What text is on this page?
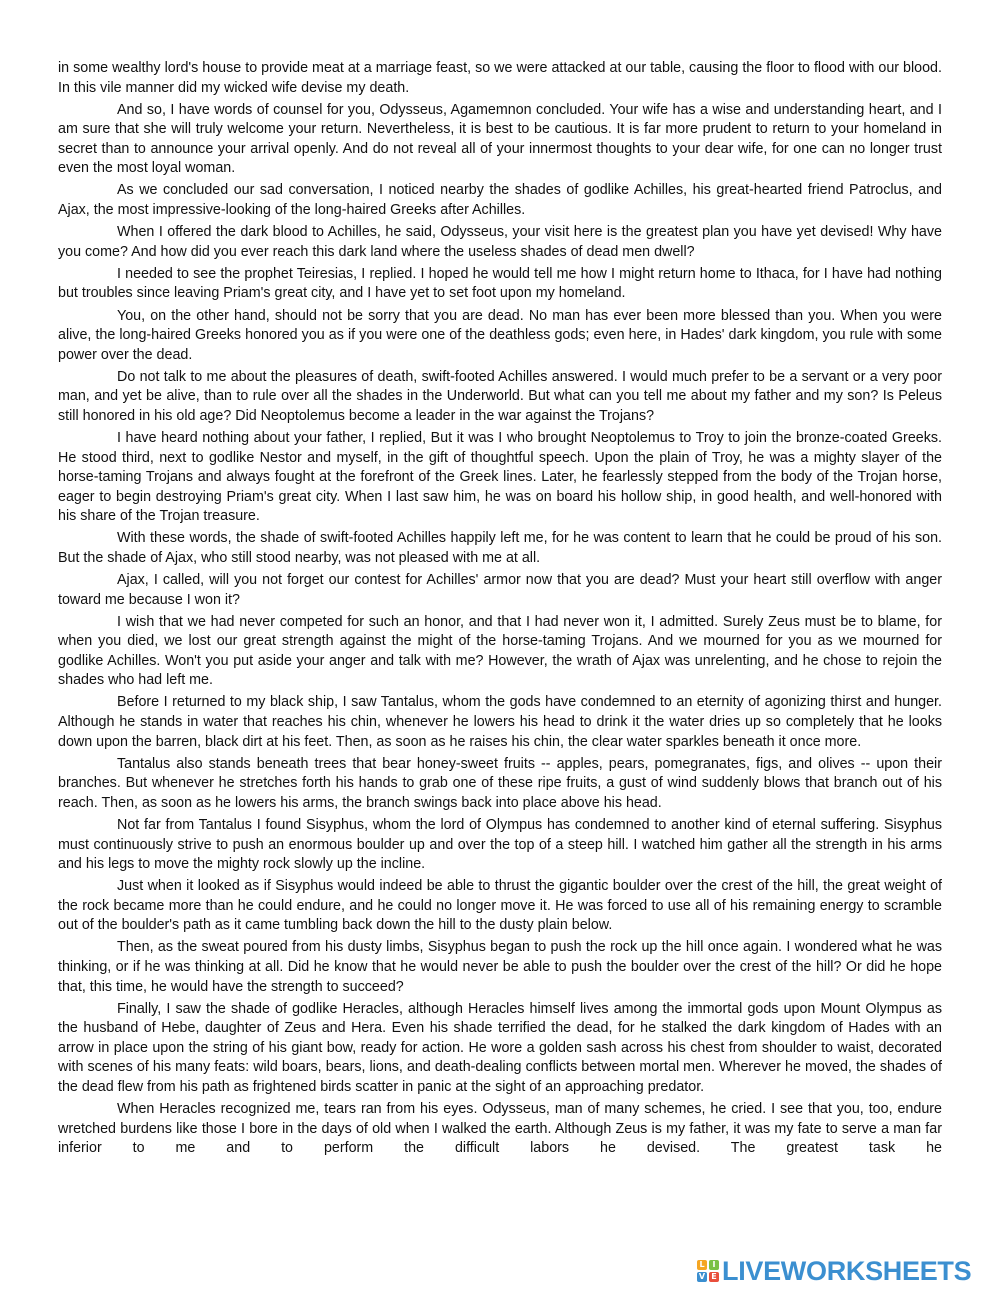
in some wealthy lord's house to provide meat at a marriage feast, so we were attacked at our table, causing the floor to flood with our blood. In this vile manner did my wicked wife devise my death.

And so, I have words of counsel for you, Odysseus, Agamemnon concluded. Your wife has a wise and understanding heart, and I am sure that she will truly welcome your return. Nevertheless, it is best to be cautious. It is far more prudent to return to your homeland in secret than to announce your arrival openly. And do not reveal all of your innermost thoughts to your dear wife, for one can no longer trust even the most loyal woman.

As we concluded our sad conversation, I noticed nearby the shades of godlike Achilles, his great-hearted friend Patroclus, and Ajax, the most impressive-looking of the long-haired Greeks after Achilles.

When I offered the dark blood to Achilles, he said, Odysseus, your visit here is the greatest plan you have yet devised! Why have you come? And how did you ever reach this dark land where the useless shades of dead men dwell?

I needed to see the prophet Teiresias, I replied. I hoped he would tell me how I might return home to Ithaca, for I have had nothing but troubles since leaving Priam's great city, and I have yet to set foot upon my homeland.

You, on the other hand, should not be sorry that you are dead. No man has ever been more blessed than you. When you were alive, the long-haired Greeks honored you as if you were one of the deathless gods; even here, in Hades' dark kingdom, you rule with some power over the dead.

Do not talk to me about the pleasures of death, swift-footed Achilles answered. I would much prefer to be a servant or a very poor man, and yet be alive, than to rule over all the shades in the Underworld. But what can you tell me about my father and my son? Is Peleus still honored in his old age? Did Neoptolemus become a leader in the war against the Trojans?

I have heard nothing about your father, I replied, But it was I who brought Neoptolemus to Troy to join the bronze-coated Greeks. He stood third, next to godlike Nestor and myself, in the gift of thoughtful speech. Upon the plain of Troy, he was a mighty slayer of the horse-taming Trojans and always fought at the forefront of the Greek lines. Later, he fearlessly stepped from the body of the Trojan horse, eager to begin destroying Priam's great city. When I last saw him, he was on board his hollow ship, in good health, and well-honored with his share of the Trojan treasure.

With these words, the shade of swift-footed Achilles happily left me, for he was content to learn that he could be proud of his son. But the shade of Ajax, who still stood nearby, was not pleased with me at all.

Ajax, I called, will you not forget our contest for Achilles' armor now that you are dead? Must your heart still overflow with anger toward me because I won it?

I wish that we had never competed for such an honor, and that I had never won it, I admitted. Surely Zeus must be to blame, for when you died, we lost our great strength against the might of the horse-taming Trojans. And we mourned for you as we mourned for godlike Achilles. Won't you put aside your anger and talk with me? However, the wrath of Ajax was unrelenting, and he chose to rejoin the shades who had left me.

Before I returned to my black ship, I saw Tantalus, whom the gods have condemned to an eternity of agonizing thirst and hunger. Although he stands in water that reaches his chin, whenever he lowers his head to drink it the water dries up so completely that he looks down upon the barren, black dirt at his feet. Then, as soon as he raises his chin, the clear water sparkles beneath it once more.

Tantalus also stands beneath trees that bear honey-sweet fruits -- apples, pears, pomegranates, figs, and olives -- upon their branches. But whenever he stretches forth his hands to grab one of these ripe fruits, a gust of wind suddenly blows that branch out of his reach. Then, as soon as he lowers his arms, the branch swings back into place above his head.

Not far from Tantalus I found Sisyphus, whom the lord of Olympus has condemned to another kind of eternal suffering. Sisyphus must continuously strive to push an enormous boulder up and over the top of a steep hill. I watched him gather all the strength in his arms and his legs to move the mighty rock slowly up the incline.

Just when it looked as if Sisyphus would indeed be able to thrust the gigantic boulder over the crest of the hill, the great weight of the rock became more than he could endure, and he could no longer move it. He was forced to use all of his remaining energy to scramble out of the boulder's path as it came tumbling back down the hill to the dusty plain below.

Then, as the sweat poured from his dusty limbs, Sisyphus began to push the rock up the hill once again. I wondered what he was thinking, or if he was thinking at all. Did he know that he would never be able to push the boulder over the crest of the hill? Or did he hope that, this time, he would have the strength to succeed?

Finally, I saw the shade of godlike Heracles, although Heracles himself lives among the immortal gods upon Mount Olympus as the husband of Hebe, daughter of Zeus and Hera. Even his shade terrified the dead, for he stalked the dark kingdom of Hades with an arrow in place upon the string of his giant bow, ready for action. He wore a golden sash across his chest from shoulder to waist, decorated with scenes of his many feats: wild boars, bears, lions, and death-dealing conflicts between mortal men. Wherever he moved, the shades of the dead flew from his path as frightened birds scatter in panic at the sight of an approaching predator.

When Heracles recognized me, tears ran from his eyes. Odysseus, man of many schemes, he cried. I see that you, too, endure wretched burdens like those I bore in the days of old when I walked the earth. Although Zeus is my father, it was my fate to serve a man far inferior to me and to perform the difficult labors he devised. The greatest task he

L I
V E LIVEWORKSHEETS
